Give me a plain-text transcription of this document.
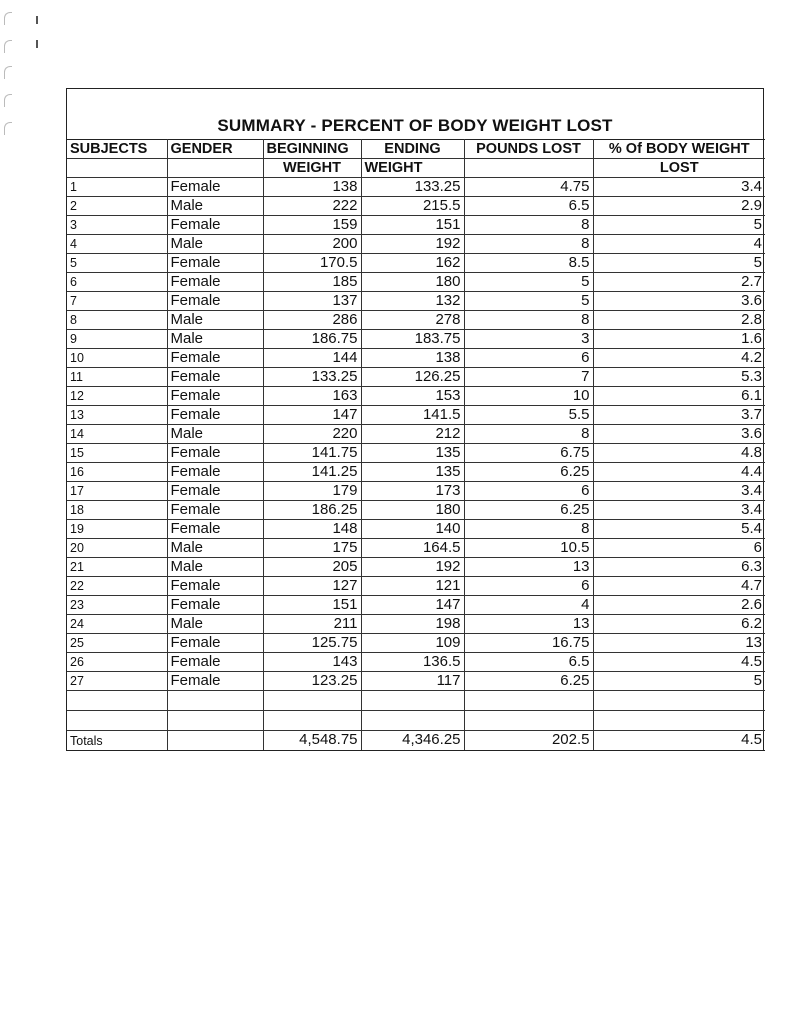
SUMMARY - PERCENT OF BODY WEIGHT LOST
SUBJECTS	GENDER	BEGINNING	ENDING	POUNDS LOST	% Of BODY WEIGHT
		WEIGHT	WEIGHT		LOST
1	Female	138	133.25	4.75	3.4
2	Male	222	215.5	6.5	2.9
3	Female	159	151	8	5
4	Male	200	192	8	4
5	Female	170.5	162	8.5	5
6	Female	185	180	5	2.7
7	Female	137	132	5	3.6
8	Male	286	278	8	2.8
9	Male	186.75	183.75	3	1.6
10	Female	144	138	6	4.2
11	Female	133.25	126.25	7	5.3
12	Female	163	153	10	6.1
13	Female	147	141.5	5.5	3.7
14	Male	220	212	8	3.6
15	Female	141.75	135	6.75	4.8
16	Female	141.25	135	6.25	4.4
17	Female	179	173	6	3.4
18	Female	186.25	180	6.25	3.4
19	Female	148	140	8	5.4
20	Male	175	164.5	10.5	6
21	Male	205	192	13	6.3
22	Female	127	121	6	4.7
23	Female	151	147	4	2.6
24	Male	211	198	13	6.2
25	Female	125.75	109	16.75	13
26	Female	143	136.5	6.5	4.5
27	Female	123.25	117	6.25	5

Totals		4,548.75	4,346.25	202.5	4.5
